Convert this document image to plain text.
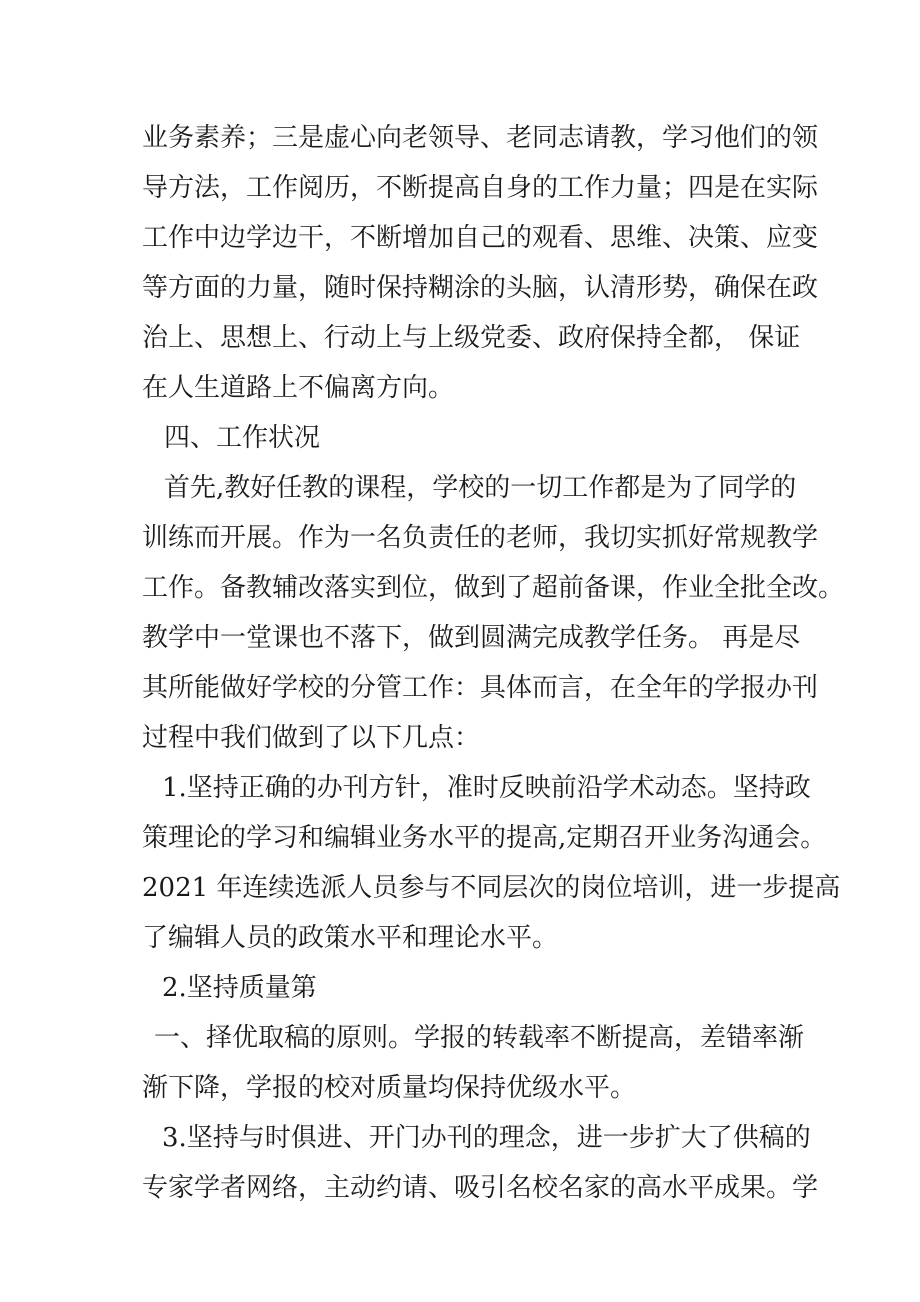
业务素养；三是虚心向老领导、老同志请教，学习他们的领
导方法，工作阅历，不断提高自身的工作力量；四是在实际
工作中边学边干，不断增加自己的观看、思维、决策、应变
等方面的力量，随时保持糊涂的头脑，认清形势，确保在政
治上、思想上、行动上与上级党委、政府保持全都， 保证
在人生道路上不偏离方向。
四、工作状况
首先,教好任教的课程，学校的一切工作都是为了同学的
训练而开展。作为一名负责任的老师，我切实抓好常规教学
工作。备教辅改落实到位，做到了超前备课，作业全批全改。
教学中一堂课也不落下，做到圆满完成教学任务。 再是尽
其所能做好学校的分管工作：具体而言，在全年的学报办刊
过程中我们做到了以下几点：
1.坚持正确的办刊方针，准时反映前沿学术动态。坚持政
策理论的学习和编辑业务水平的提高,定期召开业务沟通会。
2021 年连续选派人员参与不同层次的岗位培训，进一步提高
了编辑人员的政策水平和理论水平。
2.坚持质量第
一、择优取稿的原则。学报的转载率不断提高，差错率渐
渐下降，学报的校对质量均保持优级水平。
3.坚持与时俱进、开门办刊的理念，进一步扩大了供稿的
专家学者网络，主动约请、吸引名校名家的高水平成果。学
